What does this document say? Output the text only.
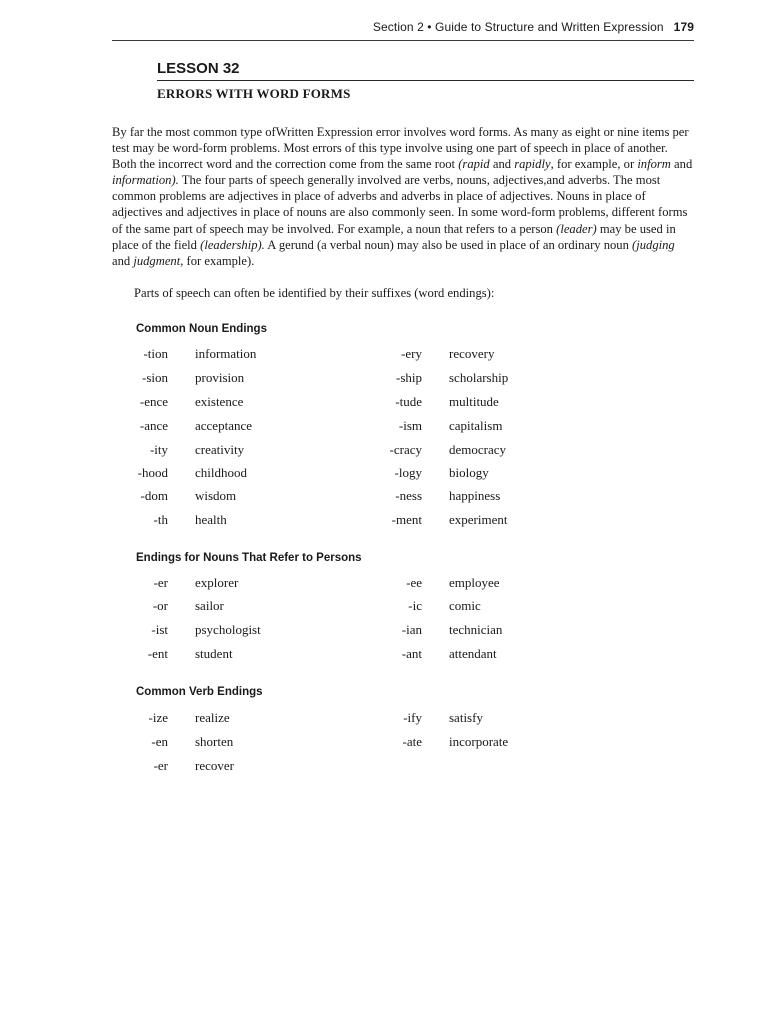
Section 2 • Guide to Structure and Written Expression 179
LESSON 32
ERRORS WITH WORD FORMS

By far the most common type ofWritten Expression error involves word forms. As many as eight or nine items per test may be word-form problems. Most errors of this type involve using one part of speech in place of another. Both the incorrect word and the correction come from the same root (rapid and rapidly, for example, or inform and information). The four parts of speech generally involved are verbs, nouns, adjectives,and adverbs. The most common problems are adjectives in place of adverbs and adverbs in place of adjectives. Nouns in place of adjectives and adjectives in place of nouns are also commonly seen. In some word-form problems, different forms of the same part of speech may be involved. For example, a noun that refers to a person (leader) may be used in place of the field (leadership). A gerund (a verbal noun) may also be used in place of an ordinary noun (judging and judgment, for example).

Parts of speech can often be identified by their suffixes (word endings):

Common Noun Endings
-tion information	-ery recovery
-sion provision	-ship scholarship
-ence existence	-tude multitude
-ance acceptance	-ism capitalism
-ity creativity	-cracy democracy
-hood childhood	-logy biology
-dom wisdom	-ness happiness
-th health	-ment experiment
Endings for Nouns That Refer to Persons
-er explorer	-ee employee
-or sailor	-ic comic
-ist psychologist	-ian technician
-ent student	-ant attendant
Common Verb Endings
-ize realize	-ify satisfy
-en shorten	-ate incorporate
-er recover
